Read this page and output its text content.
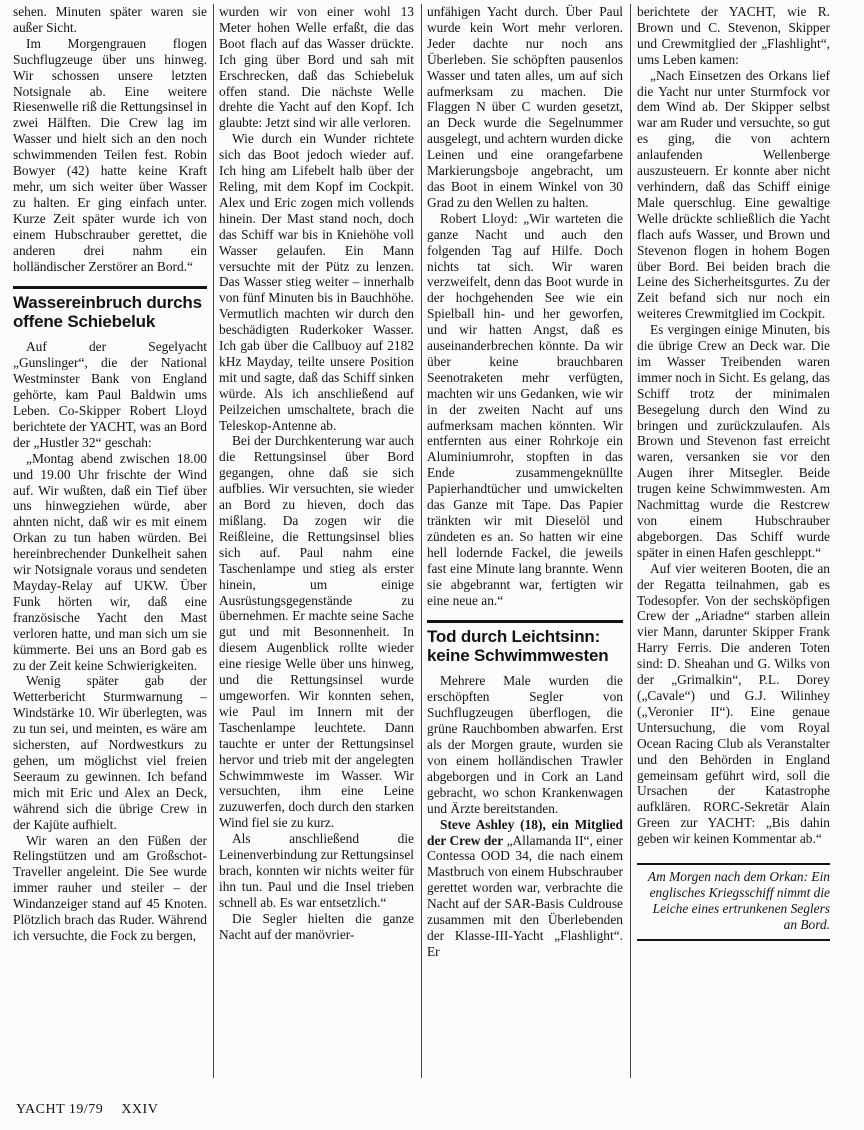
sehen. Minuten später waren sie außer Sicht.

Im Morgengrauen flogen Suchflugzeuge über uns hinweg. Wir schossen unsere letzten Notsignale ab. Eine weitere Riesenwelle riß die Rettungsinsel in zwei Hälften. Die Crew lag im Wasser und hielt sich an den noch schwimmenden Teilen fest. Robin Bowyer (42) hatte keine Kraft mehr, um sich weiter über Wasser zu halten. Er ging einfach unter. Kurze Zeit später wurde ich von einem Hubschrauber gerettet, die anderen drei nahm ein holländischer Zerstörer an Bord.“

Wassereinbruch durchs offene Schiebeluk

Auf der Segelyacht „Gunslinger“, die der National Westminster Bank von England gehörte, kam Paul Baldwin ums Leben. Co-Skipper Robert Lloyd berichtete der YACHT, was an Bord der „Hustler 32“ geschah:

„Montag abend zwischen 18.00 und 19.00 Uhr frischte der Wind auf. Wir wußten, daß ein Tief über uns hinwegziehen würde, aber ahnten nicht, daß wir es mit einem Orkan zu tun haben würden. Bei hereinbrechender Dunkelheit sahen wir Notsignale voraus und sendeten Mayday-Relay auf UKW. Über Funk hörten wir, daß eine französische Yacht den Mast verloren hatte, und man sich um sie kümmerte. Bei uns an Bord gab es zu der Zeit keine Schwierigkeiten.

Wenig später gab der Wetterbericht Sturmwarnung – Windstärke 10. Wir überlegten, was zu tun sei, und meinten, es wäre am sichersten, auf Nordwestkurs zu gehen, um möglichst viel freien Seeraum zu gewinnen. Ich befand mich mit Eric und Alex an Deck, während sich die übrige Crew in der Kajüte aufhielt.

Wir waren an den Füßen der Relingstützen und am Großschot-Traveller angeleint. Die See wurde immer rauher und steiler – der Windanzeiger stand auf 45 Knoten. Plötzlich brach das Ruder. Während ich versuchte, die Fock zu bergen,

wurden wir von einer wohl 13 Meter hohen Welle erfaßt, die das Boot flach auf das Wasser drückte. Ich ging über Bord und sah mit Erschrecken, daß das Schiebeluk offen stand. Die nächste Welle drehte die Yacht auf den Kopf. Ich glaubte: Jetzt sind wir alle verloren.

Wie durch ein Wunder richtete sich das Boot jedoch wieder auf. Ich hing am Lifebelt halb über der Reling, mit dem Kopf im Cockpit. Alex und Eric zogen mich vollends hinein. Der Mast stand noch, doch das Schiff war bis in Kniehöhe voll Wasser gelaufen. Ein Mann versuchte mit der Pütz zu lenzen. Das Wasser stieg weiter – innerhalb von fünf Minuten bis in Bauchhöhe. Vermutlich machten wir durch den beschädigten Ruderkoker Wasser. Ich gab über die Callbuoy auf 2182 kHz Mayday, teilte unsere Position mit und sagte, daß das Schiff sinken würde. Als ich anschließend auf Peilzeichen umschaltete, brach die Teleskop-Antenne ab.

Bei der Durchkenterung war auch die Rettungsinsel über Bord gegangen, ohne daß sie sich aufblies. Wir versuchten, sie wieder an Bord zu hieven, doch das mißlang. Da zogen wir die Reißleine, die Rettungsinsel blies sich auf. Paul nahm eine Taschenlampe und stieg als erster hinein, um einige Ausrüstungsgegenstände zu übernehmen. Er machte seine Sache gut und mit Besonnenheit. In diesem Augenblick rollte wieder eine riesige Welle über uns hinweg, und die Rettungsinsel wurde umgeworfen. Wir konnten sehen, wie Paul im Innern mit der Taschenlampe leuchtete. Dann tauchte er unter der Rettungsinsel hervor und trieb mit der angelegten Schwimmweste im Wasser. Wir versuchten, ihm eine Leine zuzuwerfen, doch durch den starken Wind fiel sie zu kurz.

Als anschließend die Leinenverbindung zur Rettungsinsel brach, konnten wir nichts weiter für ihn tun. Paul und die Insel trieben schnell ab. Es war entsetzlich.“

Die Segler hielten die ganze Nacht auf der manövrier-

unfähigen Yacht durch. Über Paul wurde kein Wort mehr verloren. Jeder dachte nur noch ans Überleben. Sie schöpften pausenlos Wasser und taten alles, um auf sich aufmerksam zu machen. Die Flaggen N über C wurden gesetzt, an Deck wurde die Segelnummer ausgelegt, und achtern wurden dicke Leinen und eine orangefarbene Markierungsboje angebracht, um das Boot in einem Winkel von 30 Grad zu den Wellen zu halten.

Robert Lloyd: „Wir warteten die ganze Nacht und auch den folgenden Tag auf Hilfe. Doch nichts tat sich. Wir waren verzweifelt, denn das Boot wurde in der hochgehenden See wie ein Spielball hin- und her geworfen, und wir hatten Angst, daß es auseinanderbrechen könnte. Da wir über keine brauchbaren Seenotraketen mehr verfügten, machten wir uns Gedanken, wie wir in der zweiten Nacht auf uns aufmerksam machen könnten. Wir entfernten aus einer Rohrkoje ein Aluminiumrohr, stopften in das Ende zusammengeknüllte Papierhandtücher und umwickelten das Ganze mit Tape. Das Papier tränkten wir mit Dieselöl und zündeten es an. So hatten wir eine hell lodernde Fackel, die jeweils fast eine Minute lang brannte. Wenn sie abgebrannt war, fertigten wir eine neue an.“

Tod durch Leichtsinn: keine Schwimmwesten

Mehrere Male wurden die erschöpften Segler von Suchflugzeugen überflogen, die grüne Rauchbomben abwarfen. Erst als der Morgen graute, wurden sie von einem holländischen Trawler abgeborgen und in Cork an Land gebracht, wo schon Krankenwagen und Ärzte bereitstanden.

Steve Ashley (18), ein Mitglied der Crew der „Allamanda II“, einer Contessa OOD 34, die nach einem Mastbruch von einem Hubschrauber gerettet worden war, verbrachte die Nacht auf der SAR-Basis Culdrouse zusammen mit den Überlebenden der Klasse-III-Yacht „Flashlight“. Er

berichtete der YACHT, wie R. Brown und C. Stevenon, Skipper und Crewmitglied der „Flashlight“, ums Leben kamen:

„Nach Einsetzen des Orkans lief die Yacht nur unter Sturmfock vor dem Wind ab. Der Skipper selbst war am Ruder und versuchte, so gut es ging, die von achtern anlaufenden Wellenberge auszusteuern. Er konnte aber nicht verhindern, daß das Schiff einige Male querschlug. Eine gewaltige Welle drückte schließlich die Yacht flach aufs Wasser, und Brown und Stevenon flogen in hohem Bogen über Bord. Bei beiden brach die Leine des Sicherheitsgurtes. Zu der Zeit befand sich nur noch ein weiteres Crewmitglied im Cockpit.

Es vergingen einige Minuten, bis die übrige Crew an Deck war. Die im Wasser Treibenden waren immer noch in Sicht. Es gelang, das Schiff trotz der minimalen Besegelung durch den Wind zu bringen und zurückzulaufen. Als Brown und Stevenon fast erreicht waren, versanken sie vor den Augen ihrer Mitsegler. Beide trugen keine Schwimmwesten. Am Nachmittag wurde die Restcrew von einem Hubschrauber abgeborgen. Das Schiff wurde später in einen Hafen geschleppt.“

Auf vier weiteren Booten, die an der Regatta teilnahmen, gab es Todesopfer. Von der sechsköpfigen Crew der „Ariadne“ starben allein vier Mann, darunter Skipper Frank Harry Ferris. Die anderen Toten sind: D. Sheahan und G. Wilks von der „Grimalkin“, P.L. Dorey („Cavale“) und G.J. Wilinhey („Veronier II“). Eine genaue Untersuchung, die vom Royal Ocean Racing Club als Veranstalter und den Behörden in England gemeinsam geführt wird, soll die Ursachen der Katastrophe aufklären. RORC-Sekretär Alain Green zur YACHT: „Bis dahin geben wir keinen Kommentar ab.“

Am Morgen nach dem Orkan: Ein englisches Kriegsschiff nimmt die Leiche eines ertrunkenen Seglers an Bord.
YACHT 19/79 XXIV
